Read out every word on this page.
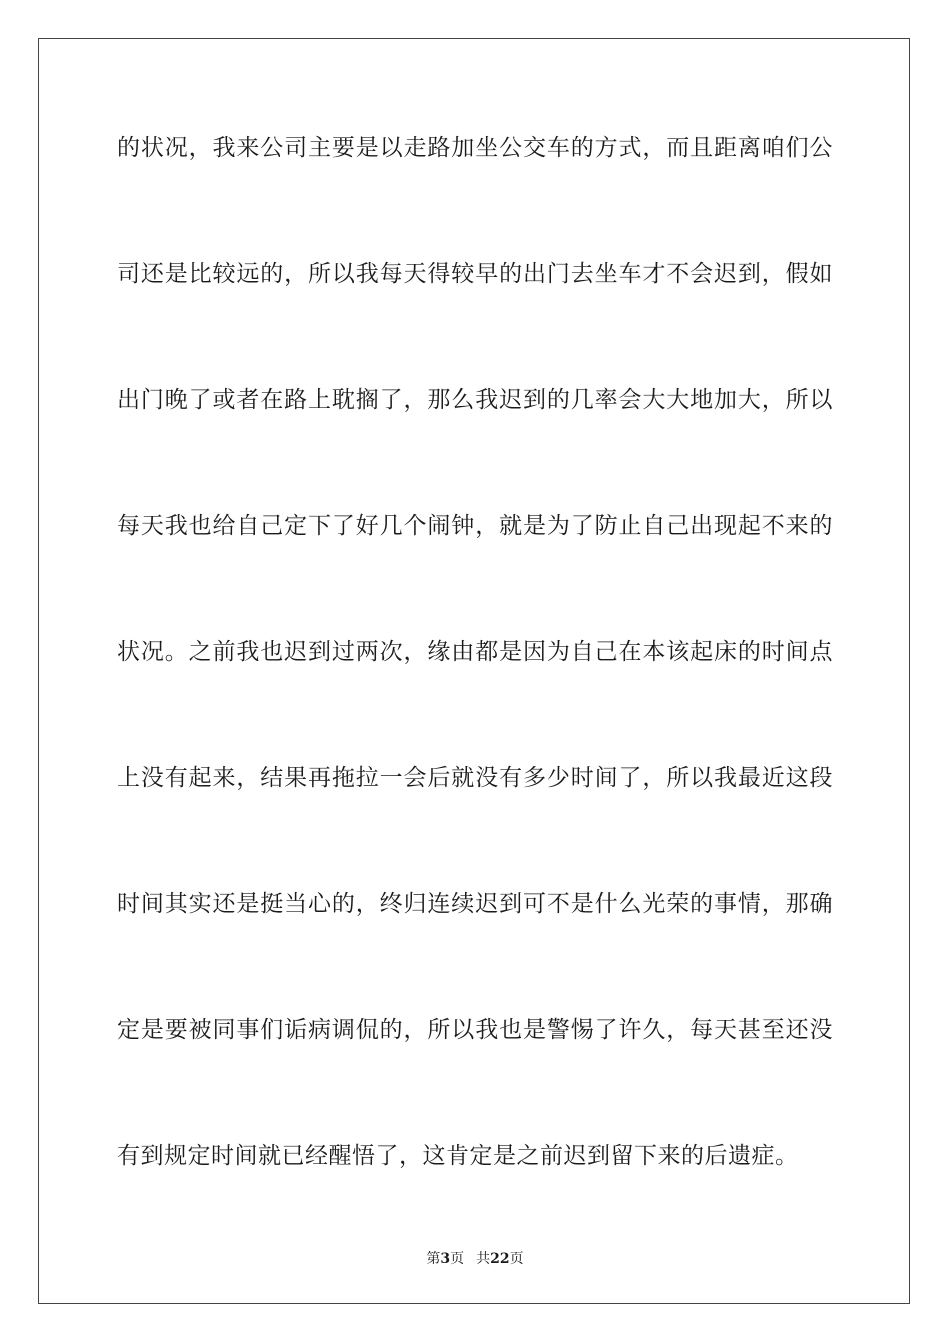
的状况，我来公司主要是以走路加坐公交车的方式，而且距离咱们公
司还是比较远的，所以我每天得较早的出门去坐车才不会迟到，假如
出门晚了或者在路上耽搁了，那么我迟到的几率会大大地加大，所以
每天我也给自己定下了好几个闹钟，就是为了防止自己出现起不来的
状况。之前我也迟到过两次，缘由都是因为自己在本该起床的时间点
上没有起来，结果再拖拉一会后就没有多少时间了，所以我最近这段
时间其实还是挺当心的，终归连续迟到可不是什么光荣的事情，那确
定是要被同事们诟病调侃的，所以我也是警惕了许久，每天甚至还没
有到规定时间就已经醒悟了，这肯定是之前迟到留下来的后遗症。
第3页 共22页
